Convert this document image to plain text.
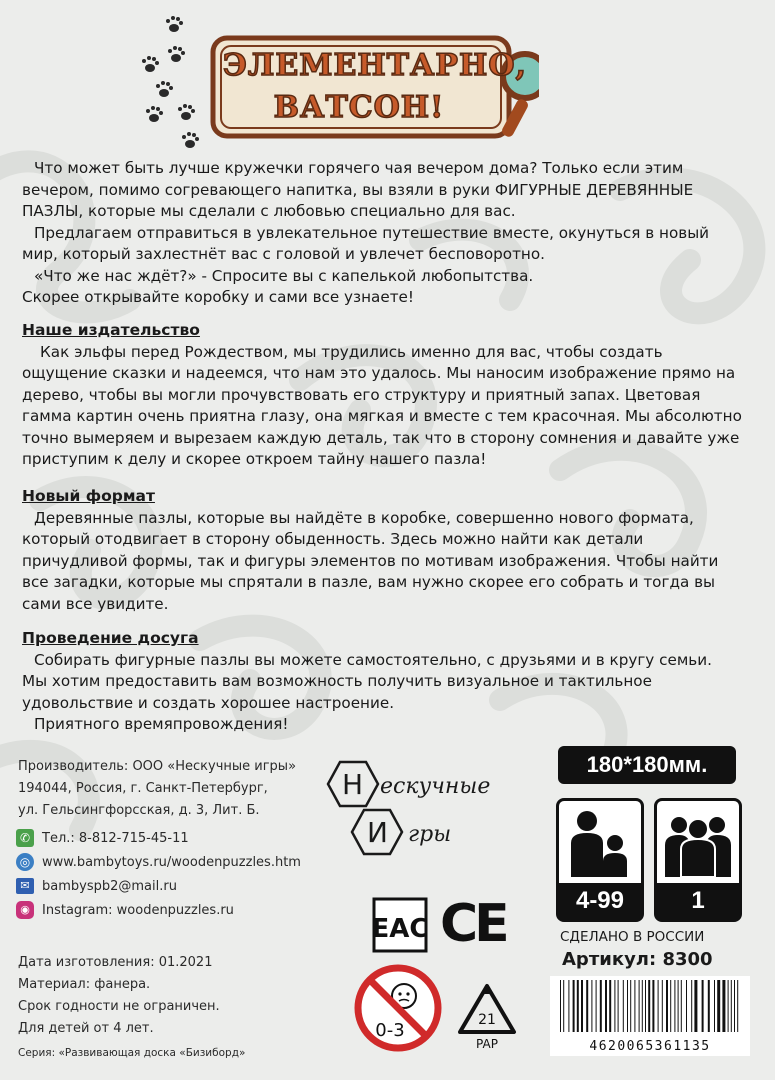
ЭЛЕМЕНТАРНО,
ВАТСОН!

Что может быть лучше кружечки горячего чая вечером дома? Только если этим

вечером, помимо согревающего напитка, вы взяли в руки ФИГУРНЫЕ ДЕРЕВЯННЫЕ

ПАЗЛЫ, которые мы сделали с любовью специально для вас.

Предлагаем отправиться в увлекательное путешествие вместе, окунуться в новый

мир, который захлестнёт вас с головой и увлечет бесповоротно.

«Что же нас ждёт?» - Спросите вы с капелькой любопытства.

Скорее открывайте коробку и сами все узнаете!

Наше издательство

Как эльфы перед Рождеством, мы трудились именно для вас, чтобы создать

ощущение сказки и надеемся, что нам это удалось. Мы наносим изображение прямо на

дерево, чтобы вы могли прочувствовать его структуру и приятный запах. Цветовая

гамма картин очень приятна глазу, она мягкая и вместе с тем красочная. Мы абсолютно

точно вымеряем и вырезаем каждую деталь, так что в сторону сомнения и давайте уже

приступим к делу и скорее откроем тайну нашего пазла!

Новый формат

Деревянные пазлы, которые вы найдёте в коробке, совершенно нового формата,

который отодвигает в сторону обыденность. Здесь можно найти как детали

причудливой формы, так и фигуры элементов по мотивам изображения. Чтобы найти

все загадки, которые мы спрятали в пазле, вам нужно скорее его собрать и тогда вы

сами все увидите.

Проведение досуга

Собирать фигурные пазлы вы можете самостоятельно, с друзьями и в кругу семьи.

Мы хотим предоставить вам возможность получить визуальное и тактильное

удовольствие и создать хорошее настроение.

Приятного времяпровождения!

Производитель: ООО «Нескучные игры»
194044, Россия, г. Санкт-Петербург,
ул. Гельсингфорсская, д. 3, Лит. Б.
✆ Тел.: 8-812-715-45-11
◎ www.bambytoys.ru/woodenpuzzles.htm
✉ bambyspb2@mail.ru
◉ Instagram: woodenpuzzles.ru
Н ескучные
И гры
EAC CE
Дата изготовления: 01.2021
Материал: фанера.
Срок годности не ограничен.
Для детей от 4 лет.
Серия: «Развивающая доска «Бизиборд»
0-3	21
PAP
180*180мм.
4-99	1
СДЕЛАНО В РОССИИ
Артикул: 8300
4620065361135
